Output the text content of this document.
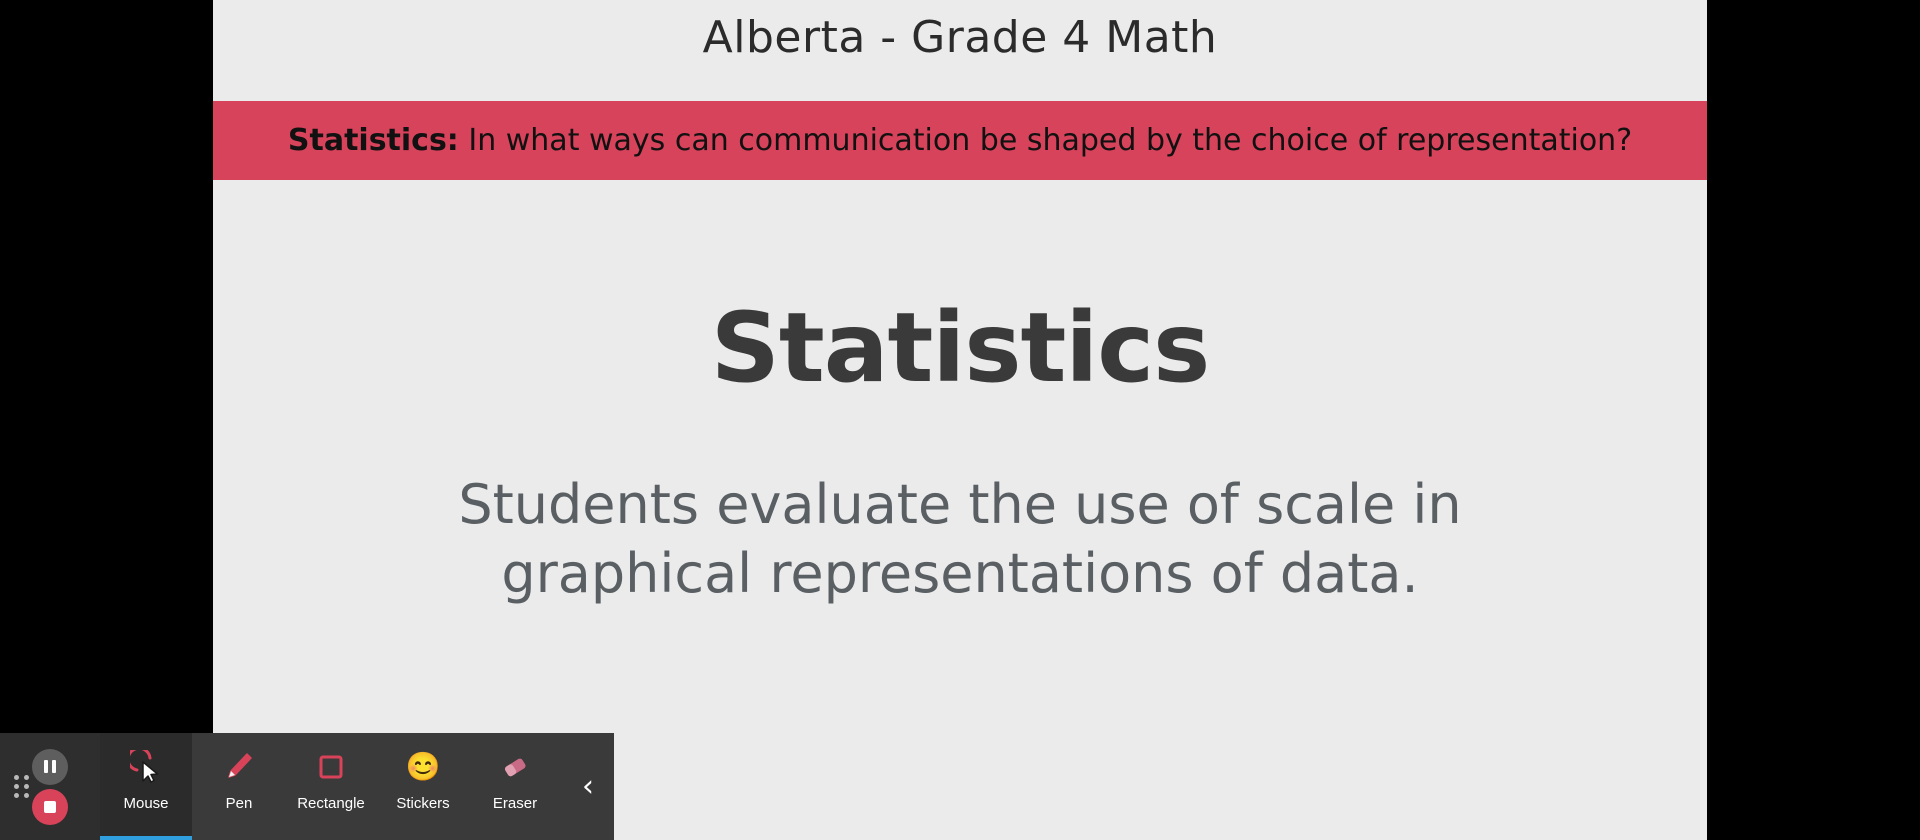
Alberta - Grade 4 Math
Statistics: In what ways can communication be shaped by the choice of representation?
Statistics
Students evaluate the use of scale in graphical representations of data.
Mouse	Pen	Rectangle
😊
Stickers	Eraser ‹
